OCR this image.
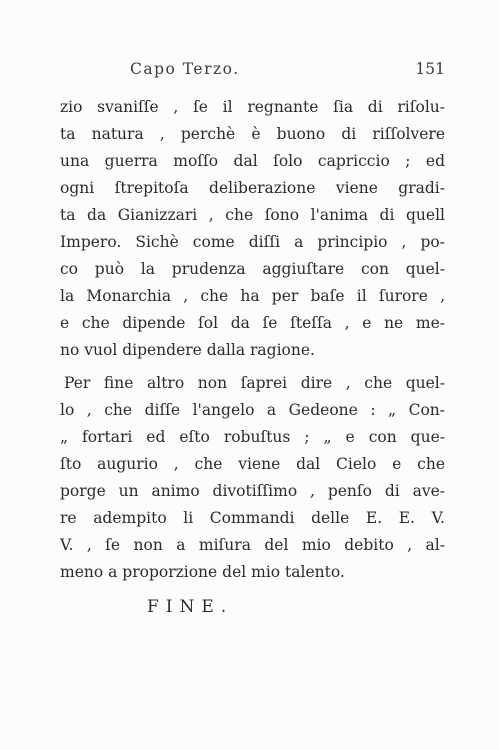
Capo Terzo.	151
zio svaniſſe , ſe il regnante ſia di riſolu-
ta natura , perchè è buono di riſſolvere
una guerra moſſo dal ſolo capriccio ; ed
ogni ſtrepitoſa deliberazione viene gradi-
ta da Gianizzari , che ſono l'anima di quell
Impero. Sichè come diſſi a principio , po-
co può la prudenza aggiuſtare con quel-
la Monarchia , che ha per baſe il ſurore ,
e che dipende ſol da ſe ſteſſa , e ne me-
no vuol dipendere dalla ragione.
Per fine altro non ſaprei dire , che quel-
lo , che diſſe l'angelo a Gedeone : „ Con-
„ fortari ed eſto robuſtus ; „ e con que-
ſto augurio , che viene dal Cielo e che
porge un animo divotiſſimo , penſo di ave-
re adempito li Commandi delle E. E. V.
V. , ſe non a miſura del mio debito , al-
meno a proporzione del mio talento.
FINE.
